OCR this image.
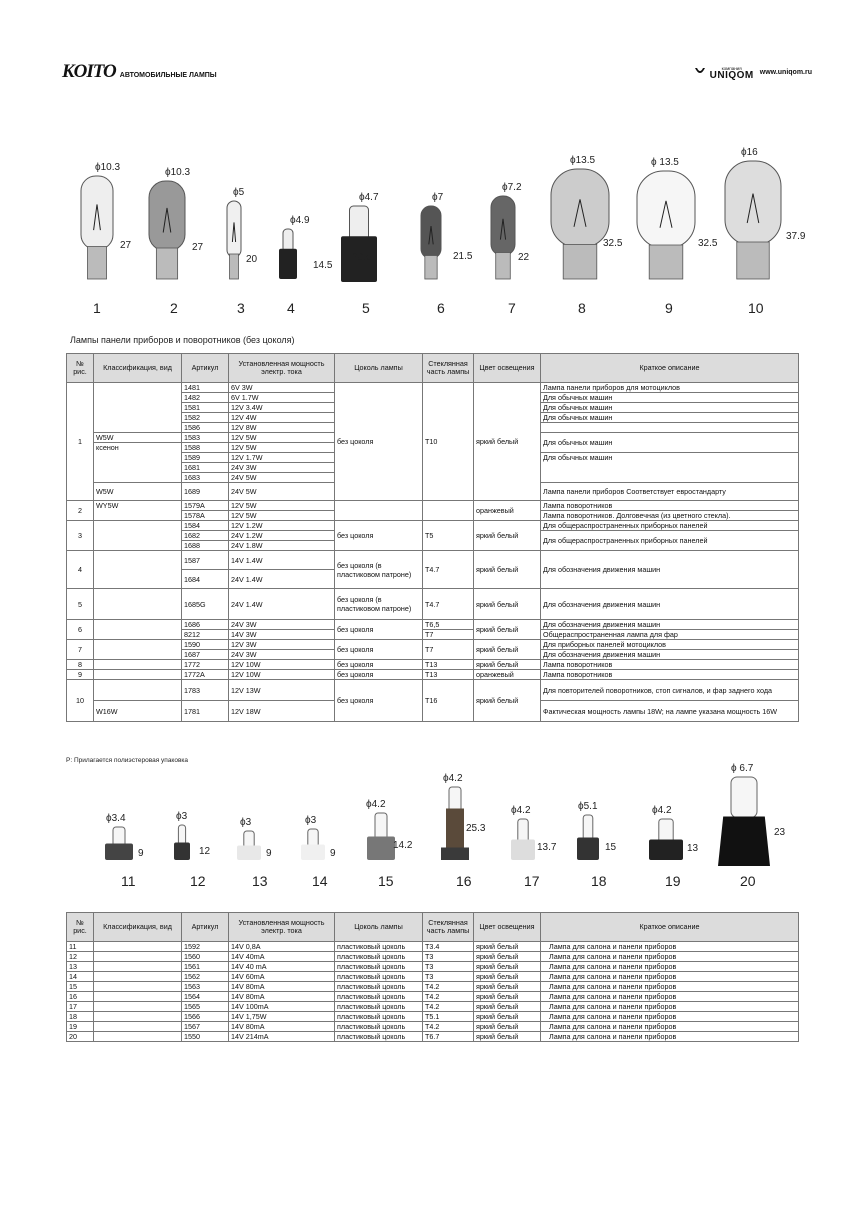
KOITO АВТОМОБИЛЬНЫЕ ЛАМПЫ
компания
UNIQOM www.uniqom.ru
ϕ10.3
27
1
ϕ10.3
27
2
ϕ5
20
3
ϕ4.9
14.5
4
ϕ4.7
20.5
5
ϕ7
21.5
6
ϕ7.2
22
7
ϕ13.5
32.5
8
ϕ 13.5
32.5
9
ϕ16
37.9
10
Лампы панели приборов и поворотников (без цоколя)
№ рис.	Классификация, вид	Артикул	Установленная мощность электр. тока	Цоколь лампы	Стеклянная часть лампы	Цвет освещения	Краткое описание
1		1481	6V 3W	без цоколя	T10	яркий белый	Лампа панели приборов для мотоциклов
		1482	6V 1.7W				Для обычных машин
		1581	12V 3.4W				Для обычных машин
		1582	12V 4W				Для обычных машин
		1586	12V 8W				
	W5W	1583	12V 5W				Для обычных машин
	ксенон	1588	12V 5W				
		1589	12V 1.7W				Для обычных машин
		1681	24V 3W				
		1683	24V 5W				
	W5W	1689	24V 5W				Лампа панели приборов Соответствует евростандарту
2	WY5W	1579A	12V 5W			оранжевый	Лампа поворотников
		1578A	12V 5W				Лампа поворотников. Долговечная (из цветного стекла).
3		1584	12V 1.2W	без цоколя	T5	яркий белый	Для общераспространенных приборных панелей
		1682	24V 1.2W				Для общераспространенных приборных панелей
		1688	24V 1.8W				
4		1587	14V 1.4W	без цоколя (в пластиковом патроне)	T4.7	яркий белый	Для обозначения движения машин
		1684	24V 1.4W				
5		1685G	24V 1.4W	без цоколя (в пластиковом патроне)	T4.7	яркий белый	Для обозначения движения машин
6		1686	24V 3W	без цоколя	T6,5	яркий белый	Для обозначения движения машин
		8212	14V 3W		T7		Общераспространенная лампа для фар
7		1590	12V 3W	без цоколя	T7	яркий белый	Для приборных панелей мотоциклов
		1687	24V 3W				Для обозначения движения машин
8		1772	12V 10W	без цоколя	T13	яркий белый	Лампа поворотников
9		1772A	12V 10W	без цоколя	T13	оранжевый	Лампа поворотников
10		1783	12V 13W	без цоколя	T16	яркий белый	Для повторителей поворотников, стоп сигналов, и фар заднего хода
	W16W	1781	12V 18W				Фактическая мощность лампы 18W; на лампе указана мощность 16W
P: Прилагается полиэстеровая упаковка
ϕ3.4
9
11
ϕ3
12
12
ϕ3
9
13
ϕ3
9
14
ϕ4.2
14.2
15
ϕ4.2
25.3
16
ϕ4.2
13.7
17
ϕ5.1
15
18
ϕ4.2
13
19
ϕ 6.7
23
20
№ рис.	Классификация, вид	Артикул	Установленная мощность электр. тока	Цоколь лампы	Стеклянная часть лампы	Цвет освещения	Краткое описание
11		1592	14V 0,8A	пластиковый цоколь	T3.4	яркий белый	Лампа для салона и панели приборов
12		1560	14V 40mA	пластиковый цоколь	T3	яркий белый	Лампа для салона и панели приборов
13		1561	14V 40 mA	пластиковый цоколь	T3	яркий белый	Лампа для салона и панели приборов
14		1562	14V 60mA	пластиковый цоколь	T3	яркий белый	Лампа для салона и панели приборов
15		1563	14V 80mA	пластиковый цоколь	T4.2	яркий белый	Лампа для салона и панели приборов
16		1564	14V 80mA	пластиковый цоколь	T4.2	яркий белый	Лампа для салона и панели приборов
17		1565	14V 100mA	пластиковый цоколь	T4.2	яркий белый	Лампа для салона и панели приборов
18		1566	14V 1,75W	пластиковый цоколь	T5.1	яркий белый	Лампа для салона и панели приборов
19		1567	14V 80mA	пластиковый цоколь	T4.2	яркий белый	Лампа для салона и панели приборов
20		1550	14V 214mA	пластиковый цоколь	T6.7	яркий белый	Лампа для салона и панели приборов
